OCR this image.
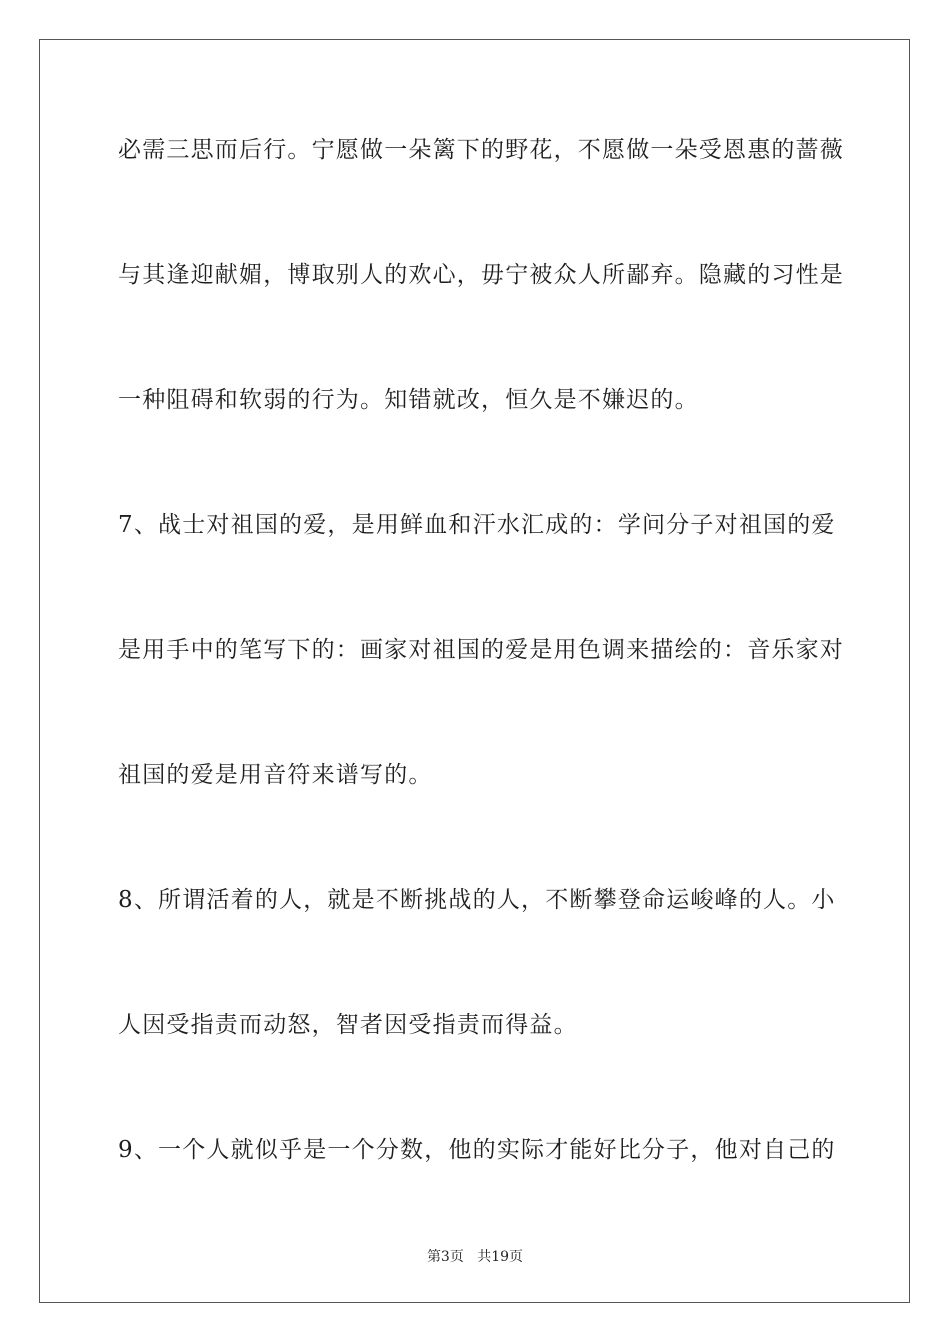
必需三思而后行。宁愿做一朵篱下的野花，不愿做一朵受恩惠的蔷薇
与其逢迎献媚，博取别人的欢心，毋宁被众人所鄙弃。隐藏的习性是
一种阻碍和软弱的行为。知错就改，恒久是不嫌迟的。
7、战士对祖国的爱，是用鲜血和汗水汇成的：学问分子对祖国的爱
是用手中的笔写下的：画家对祖国的爱是用色调来描绘的：音乐家对
祖国的爱是用音符来谱写的。
8、所谓活着的人，就是不断挑战的人，不断攀登命运峻峰的人。小
人因受指责而动怒，智者因受指责而得益。
9、一个人就似乎是一个分数，他的实际才能好比分子，他对自己的
第3页 共19页
